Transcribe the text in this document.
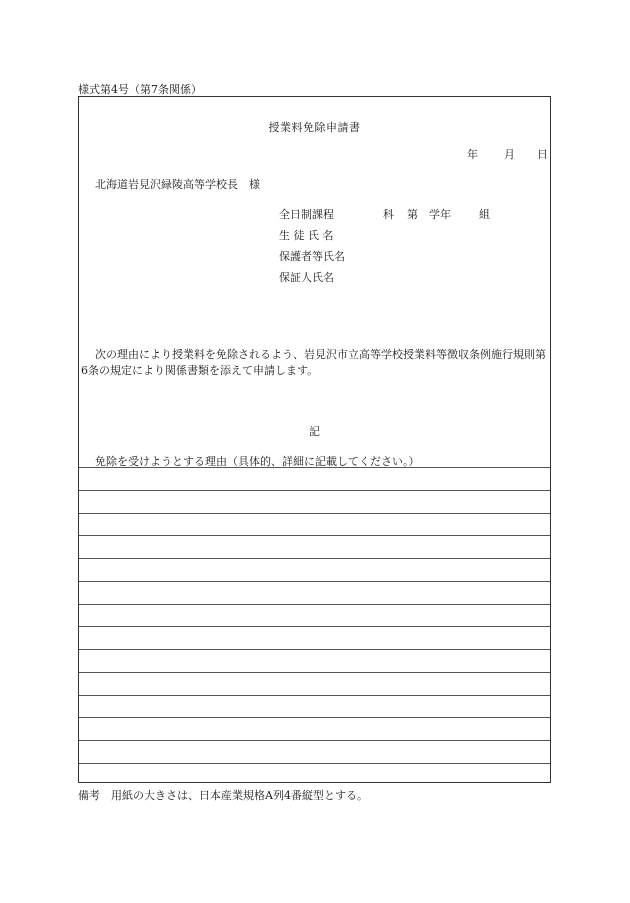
様式第4号（第7条関係）
授業料免除申請書
年 月 日
北海道岩見沢緑陵高等学校長　様
全日制課程	科 第　学年	組
生 徒 氏 名
保護者等氏名
保証人氏名
次の理由により授業料を免除されるよう、岩見沢市立高等学校授業料等徴収条例施行規則第6条の規定により関係書類を添えて申請します。
記
免除を受けようとする理由（具体的、詳細に記載してください。）
備考　用紙の大きさは、日本産業規格A列4番縦型とする。
